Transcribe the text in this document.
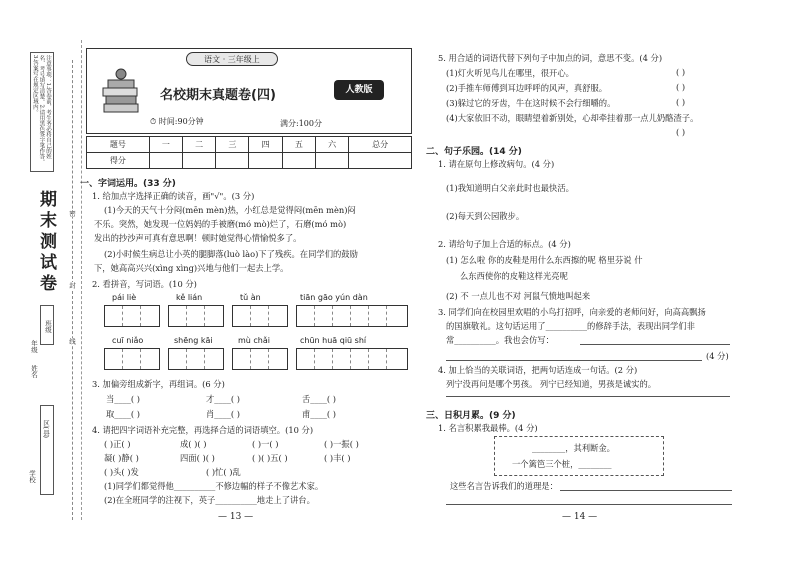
注意事项：1.答卷前，考生务必将自己的姓名、考号填写清楚。2.请用黑色签字笔作答。3.答案写在规定区域内。
期末测试卷
班级
姓名
年级
区(县)
学校
密
封
线
语文 · 三年级上
名校期末真题卷(四)	人教版
⏱ 时间:90分钟	满分:100分
题号	一	二	三	四	五	六	总分
得分							
一、字词运用。(33 分)
1. 给加点字选择正确的读音，画"√"。(3 分)
(1)今天的天气十分闷(mēn mèn)热，小红总是觉得闷(mēn mèn)闷
不乐。突然，她发现一位妈妈的手被磨(mó mò)烂了，石磨(mó mò)
发出的抄沙声可真有意思啊！顿时她觉得心情愉悦多了。
(2)小时候生病总让小英的腿脚落(luò lào)下了残疾。在同学们的鼓励
下，她高高兴兴(xìng xìng)兴地与他们一起去上学。
2. 看拼音，写词语。(10 分)
pái liè	kě lián	tǔ àn	tiān gāo yún dàn
cuī niǎo	shēng kāi	mù chǎi	chūn huā qiū shí
3. 加偏旁组成新字，再组词。(6 分)
当____( )	才____( )	舌____( )
取____( )	肖____( )	甫____( )
4. 请把四字词语补充完整，再选择合适的词语填空。(10 分)
( )正( )	成( )( )	( )一( )	( )一振( )
凝( )静( )	四面( )( )	( )( )五( )	( )丰( )
( )头( )发	( )忙( )乱
(1)同学们都觉得他__________不修边幅的样子不像艺术家。
(2)在全班同学的注视下，英子__________地走上了讲台。
— 13 —
5. 用合适的词语代替下列句子中加点的词，意思不变。(4 分)
(1)灯火听见鸟儿在哪里，很开心。	( )
(2)手推车师傅到耳边呼呼的风声，真舒服。	( )
(3)躲过它的牙齿，牛在这时候不会行细嚼的。	( )
(4)大家依旧不动，眼睛望着新别处，心却牵挂着那一点儿奶酪渣子。
( )
二、句子乐园。(14 分)
1. 请在原句上修改病句。(4 分)
(1)我知道明白父亲此时也最快活。
(2)每天到公园散步。
2. 请给句子加上合适的标点。(4 分)
(1) 怎么啦 你的皮鞋是用什么东西擦的呢 格里芬说 什
么东西使你的皮鞋这样光亮呢
(2) 不 一点儿也不对 河鼠气愤地叫起来
3. 同学们向在校园里欢唱的小鸟打招呼，向亲爱的老师问好，向高高飘扬
的国旗敬礼。这句话运用了__________的修辞手法，表现出同学们非
常__________。我也会仿写：
(4 分)
4. 加上恰当的关联词语，把两句话连成一句话。(2 分)
列宁没再问是哪个男孩。 列宁已经知道，男孩是诚实的。
三、日积月累。(9 分)
1. 名言积累我最棒。(4 分)
________，其利断金。
一个篱笆三个桩，________
这些名言告诉我们的道理是：
— 14 —
